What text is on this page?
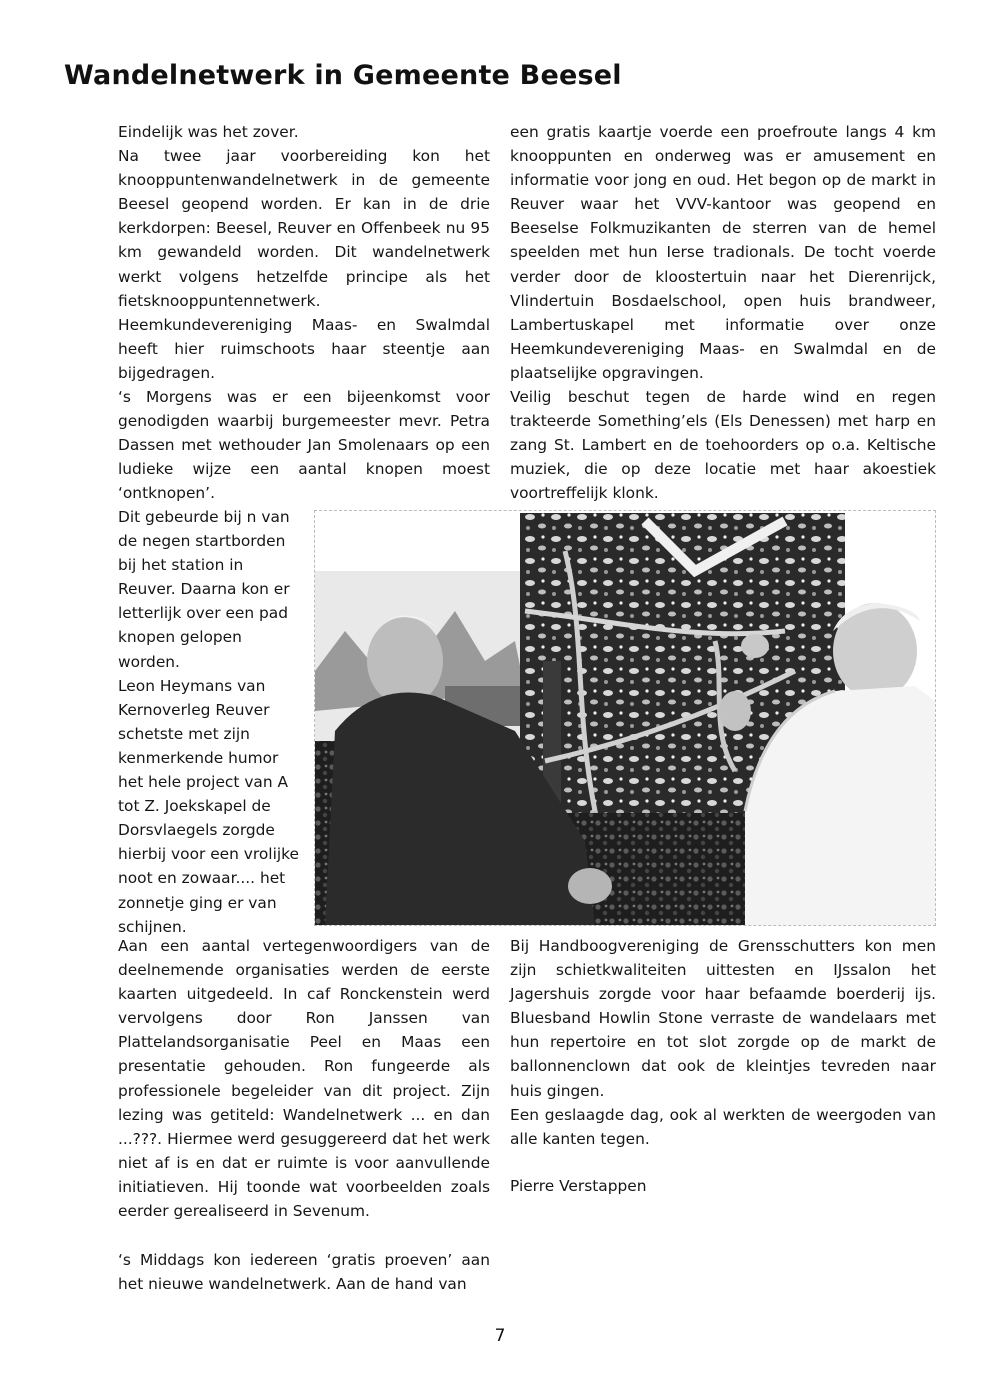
Wandelnetwerk in Gemeente Beesel

Eindelijk was het zover.

Na twee jaar voorbereiding kon het knooppuntenwandelnetwerk in de gemeente Beesel geopend worden. Er kan in de drie kerkdorpen: Beesel, Reuver en Offenbeek nu 95 km gewandeld worden. Dit wandelnetwerk werkt volgens hetzelfde principe als het fietsknooppuntennetwerk. Heemkundevereniging Maas- en Swalmdal heeft hier ruimschoots haar steentje aan bijgedragen.

‘s Morgens was er een bijeenkomst voor genodigden waarbij burgemeester mevr. Petra Dassen met wethouder Jan Smolenaars op een ludieke wijze een aantal knopen moest ‘ontknopen’.

een gratis kaartje voerde een proefroute langs 4 km knooppunten en onderweg was er amusement en informatie voor jong en oud. Het begon op de markt in Reuver waar het VVV-kantoor was geopend en Beeselse Folkmuzikanten de sterren van de hemel speelden met hun Ierse tradionals. De tocht voerde verder door de kloostertuin naar het Dierenrijck, Vlindertuin Bosdaelschool, open huis brandweer, Lambertuskapel met informatie over onze Heemkundevereniging Maas- en Swalmdal en de plaatselijke opgravingen.

Veilig beschut tegen de harde wind en regen trakteerde Something’els (Els Denessen) met harp en zang St. Lambert en de toehoorders op o.a. Keltische muziek, die op deze locatie met haar akoestiek voortreffelijk klonk.

Dit gebeurde bij n van de negen startborden bij het station in Reuver. Daarna kon er letterlijk over een pad knopen gelopen worden.

Leon Heymans van Kernoverleg Reuver schetste met zijn kenmerkende humor het hele project van A tot Z. Joekskapel de Dorsvlaegels zorgde hierbij voor een vrolijke noot en zowaar.... het zonnetje ging er van schijnen.

Aan een aantal vertegenwoordigers van de deelnemende organisaties werden de eerste kaarten uitgedeeld. In caf Ronckenstein werd vervolgens door Ron Janssen van Plattelandsorganisatie Peel en Maas een presentatie gehouden. Ron fungeerde als professionele begeleider van dit project. Zijn lezing was getiteld: Wandelnetwerk ... en dan ...???. Hiermee werd gesuggereerd dat het werk niet af is en dat er ruimte is voor aanvullende initiatieven. Hij toonde wat voorbeelden zoals eerder gerealiseerd in Sevenum.

‘s Middags kon iedereen ‘gratis proeven’ aan het nieuwe wandelnetwerk. Aan de hand van

Bij Handboogvereniging de Grensschutters kon men zijn schietkwaliteiten uittesten en IJssalon het Jagershuis zorgde voor haar befaamde boerderij ijs. Bluesband Howlin Stone verraste de wandelaars met hun repertoire en tot slot zorgde op de markt de ballonnenclown dat ook de kleintjes tevreden naar huis gingen.

Een geslaagde dag, ook al werkten de weergoden van alle kanten tegen.

Pierre Verstappen

7
